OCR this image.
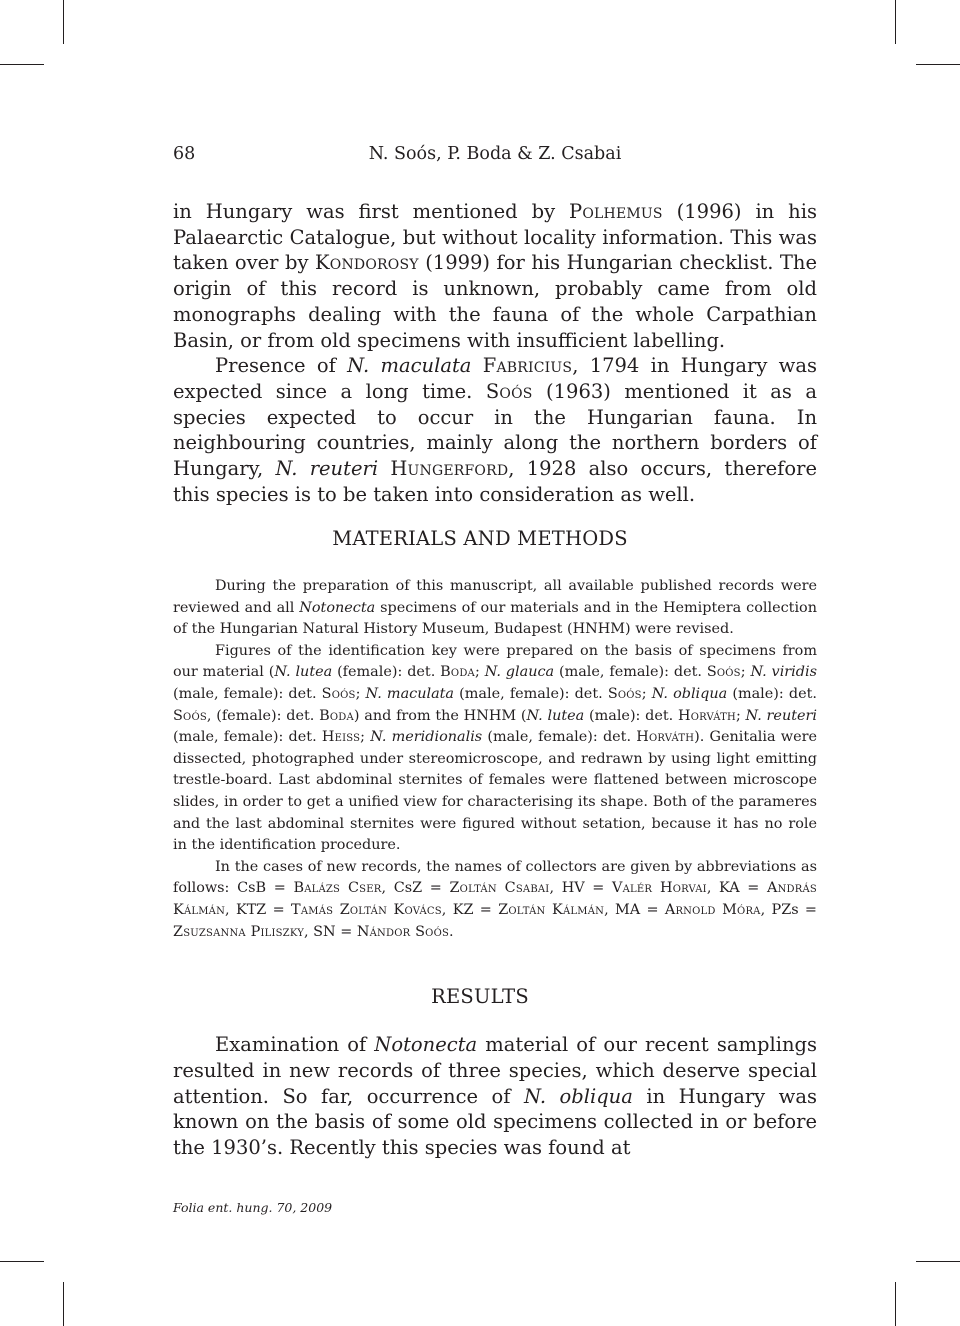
68	N. Soós, P. Boda & Z. Csabai

in Hungary was first mentioned by Polhemus (1996) in his Palaearctic Catalogue, but without locality information. This was taken over by Kondorosy (1999) for his Hungarian checklist. The origin of this record is unknown, probably came from old monographs dealing with the fauna of the whole Carpathian Basin, or from old specimens with insufficient labelling.

Presence of N. maculata Fabricius, 1794 in Hungary was expected since a long time. Soós (1963) mentioned it as a species expected to occur in the Hungarian fauna. In neighbouring countries, mainly along the northern borders of Hungary, N. reuteri Hungerford, 1928 also occurs, therefore this species is to be taken into consideration as well.

MATERIALS AND METHODS

During the preparation of this manuscript, all available published records were reviewed and all Notonecta specimens of our materials and in the Hemiptera collection of the Hungarian Natural History Museum, Budapest (HNHM) were revised.

Figures of the identification key were prepared on the basis of specimens from our material (N. lutea (female): det. Boda; N. glauca (male, female): det. Soós; N. viridis (male, female): det. Soós; N. maculata (male, female): det. Soós; N. obliqua (male): det. Soós, (female): det. Boda) and from the HNHM (N. lutea (male): det. Horváth; N. reuteri (male, female): det. Heiss; N. meridionalis (male, female): det. Horváth). Genitalia were dissected, photographed under stereomicroscope, and redrawn by using light emitting trestle-board. Last abdominal sternites of females were flattened between microscope slides, in order to get a unified view for characterising its shape. Both of the parameres and the last abdominal sternites were figured without setation, because it has no role in the identification procedure.

In the cases of new records, the names of collectors are given by abbreviations as follows: CsB = Balázs Cser, CsZ = Zoltán Csabai, HV = Valér Horvai, KA = András Kálmán, KTZ = Tamás Zoltán Kovács, KZ = Zoltán Kálmán, MA = Arnold Móra, PZs = Zsuzsanna Piliszky, SN = Nándor Soós.

RESULTS

Examination of Notonecta material of our recent samplings resulted in new records of three species, which deserve special attention. So far, occurrence of N. obliqua in Hungary was known on the basis of some old specimens collected in or before the 1930’s. Recently this species was found at

Folia ent. hung. 70, 2009
